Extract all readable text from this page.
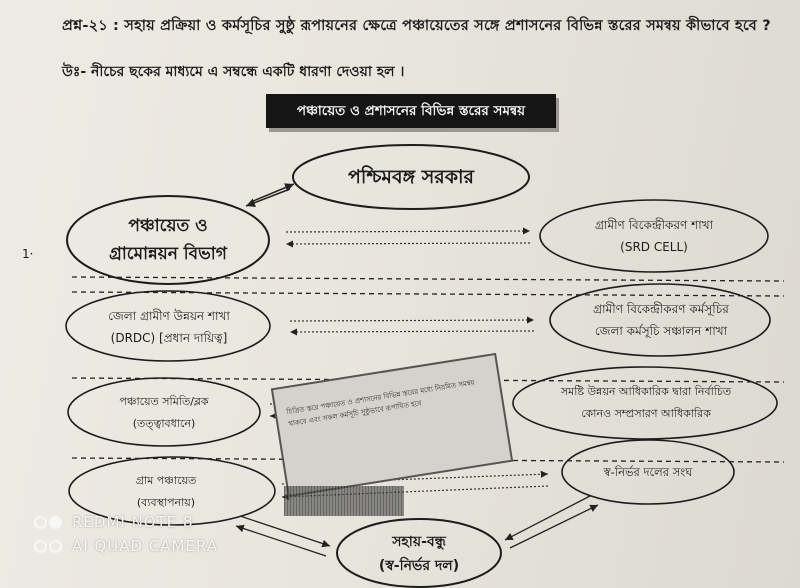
প্রশ্ন-২১ : সহায় প্রক্রিয়া ও কর্মসূচির সুষ্ঠু রূপায়নের ক্ষেত্রে পঞ্চায়েতের সঙ্গে প্রশাসনের বিভিন্ন স্তরের সমন্বয় কীভাবে হবে ?
উঃ- নীচের ছকের মাধ্যমে এ সম্বন্ধে একটি ধারণা দেওয়া হল ।
পঞ্চায়েত ও প্রশাসনের বিভিন্ন স্তরের সমন্বয়
1·
পশ্চিমবঙ্গ সরকার
পঞ্চায়েত ও
গ্রামোন্নয়ন বিভাগ
গ্রামীণ বিকেন্দ্রীকরণ শাখা
(SRD CELL)
জেলা গ্রামীণ উন্নয়ন শাখা
(DRDC) [প্রধান দায়িত্ব]
গ্রামীণ বিকেন্দ্রীকরণ কর্মসূচির
জেলা কর্মসূচি সঞ্চালন শাখা
পঞ্চায়েত সমিতি/ব্লক
(তত্ত্বাবধানে)
সমষ্টি উন্নয়ন আধিকারিক দ্বারা নির্বাচিত
কোনও সম্প্রসারণ আধিকারিক
গ্রাম পঞ্চায়েত
(ব্যবস্থাপনায়)
স্ব-নির্ভর দলের সংঘ
সহায়-বন্ধু
(স্ব-নির্ভর দল)
চিত্রিত স্তরে পঞ্চায়েত ও প্রশাসনের বিভিন্ন স্তরের মধ্যে নিয়মিত সমন্বয় থাকবে এবং সকল কর্মসূচি সুষ্ঠুভাবে রূপায়িত হবে
REDMI NOTE 8
AI QUAD CAMERA
